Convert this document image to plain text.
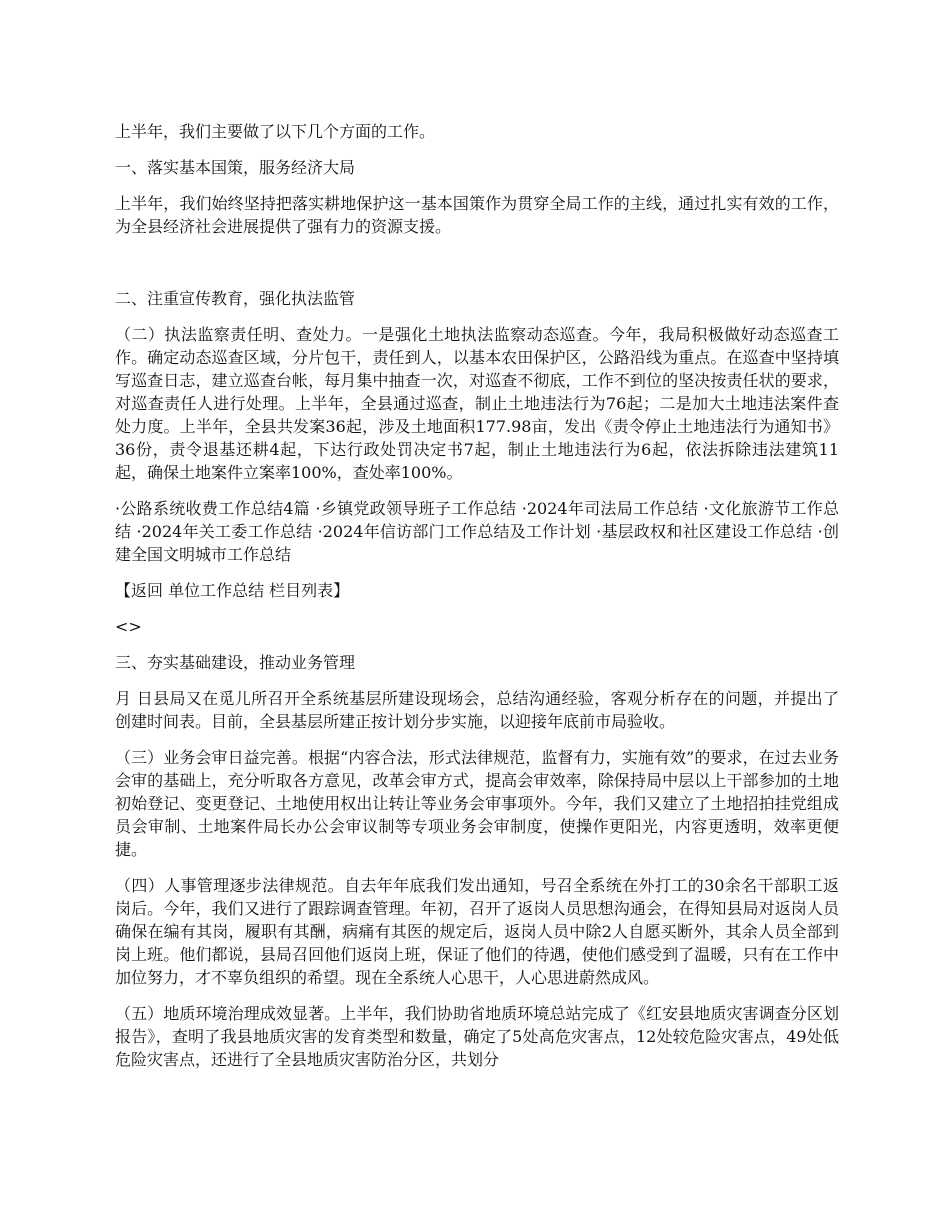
上半年，我们主要做了以下几个方面的工作。

一、落实基本国策，服务经济大局

上半年，我们始终坚持把落实耕地保护这一基本国策作为贯穿全局工作的主线，通过扎实有效的工作，为全县经济社会进展提供了强有力的资源支援。

二、注重宣传教育，强化执法监管

（二）执法监察责任明、查处力。一是强化土地执法监察动态巡查。今年，我局积极做好动态巡查工作。确定动态巡查区域，分片包干，责任到人，以基本农田保护区，公路沿线为重点。在巡查中坚持填写巡查日志，建立巡查台帐，每月集中抽查一次，对巡查不彻底，工作不到位的坚决按责任状的要求，对巡查责任人进行处理。上半年，全县通过巡查，制止土地违法行为76起；二是加大土地违法案件查处力度。上半年，全县共发案36起，涉及土地面积177.98亩，发出《责令停止土地违法行为通知书》36份，责令退基还耕4起，下达行政处罚决定书7起，制止土地违法行为6起，依法拆除违法建筑11起，确保土地案件立案率100%，查处率100%。

·公路系统收费工作总结4篇 ·乡镇党政领导班子工作总结 ·2024年司法局工作总结 ·文化旅游节工作总结 ·2024年关工委工作总结 ·2024年信访部门工作总结及工作计划 ·基层政权和社区建设工作总结 ·创建全国文明城市工作总结

【返回 单位工作总结 栏目列表】

<>

三、夯实基础建设，推动业务管理

月 日县局又在觅儿所召开全系统基层所建设现场会，总结沟通经验，客观分析存在的问题，并提出了创建时间表。目前，全县基层所建正按计划分步实施，以迎接年底前市局验收。

（三）业务会审日益完善。根据“内容合法，形式法律规范，监督有力，实施有效”的要求，在过去业务会审的基础上，充分听取各方意见，改革会审方式，提高会审效率，除保持局中层以上干部参加的土地初始登记、变更登记、土地使用权出让转让等业务会审事项外。今年，我们又建立了土地招拍挂党组成员会审制、土地案件局长办公会审议制等专项业务会审制度，使操作更阳光，内容更透明，效率更便捷。

（四）人事管理逐步法律规范。自去年年底我们发出通知，号召全系统在外打工的30余名干部职工返岗后。今年，我们又进行了跟踪调查管理。年初，召开了返岗人员思想沟通会，在得知县局对返岗人员确保在编有其岗，履职有其酬，病痛有其医的规定后，返岗人员中除2人自愿买断外，其余人员全部到岗上班。他们都说，县局召回他们返岗上班，保证了他们的待遇，使他们感受到了温暖，只有在工作中加位努力，才不辜负组织的希望。现在全系统人心思干，人心思进蔚然成风。

（五）地质环境治理成效显著。上半年，我们协助省地质环境总站完成了《红安县地质灾害调查分区划报告》，查明了我县地质灾害的发育类型和数量，确定了5处高危灾害点，12处较危险灾害点，49处低危险灾害点，还进行了全县地质灾害防治分区，共划分
